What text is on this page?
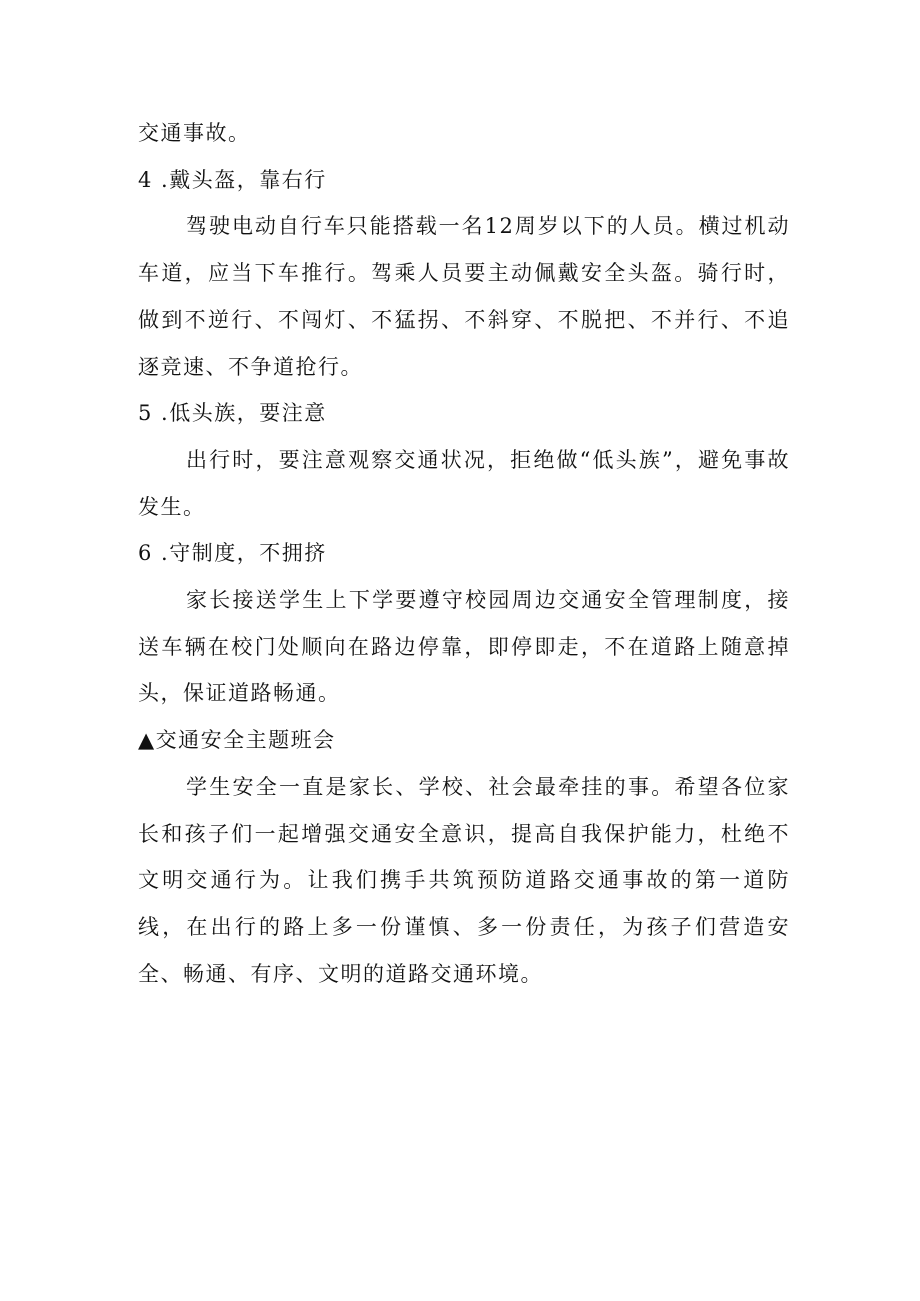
交通事故。

4 .戴头盔，靠右行

驾驶电动自行车只能搭载一名12周岁以下的人员。横过机动车道，应当下车推行。驾乘人员要主动佩戴安全头盔。骑行时，做到不逆行、不闯灯、不猛拐、不斜穿、不脱把、不并行、不追逐竞速、不争道抢行。

5 .低头族，要注意

出行时，要注意观察交通状况，拒绝做“低头族”，避免事故发生。

6 .守制度，不拥挤

家长接送学生上下学要遵守校园周边交通安全管理制度，接送车辆在校门处顺向在路边停靠，即停即走，不在道路上随意掉头，保证道路畅通。

▲交通安全主题班会

学生安全一直是家长、学校、社会最牵挂的事。希望各位家长和孩子们一起增强交通安全意识，提高自我保护能力，杜绝不文明交通行为。让我们携手共筑预防道路交通事故的第一道防线，在出行的路上多一份谨慎、多一份责任，为孩子们营造安全、畅通、有序、文明的道路交通环境。
